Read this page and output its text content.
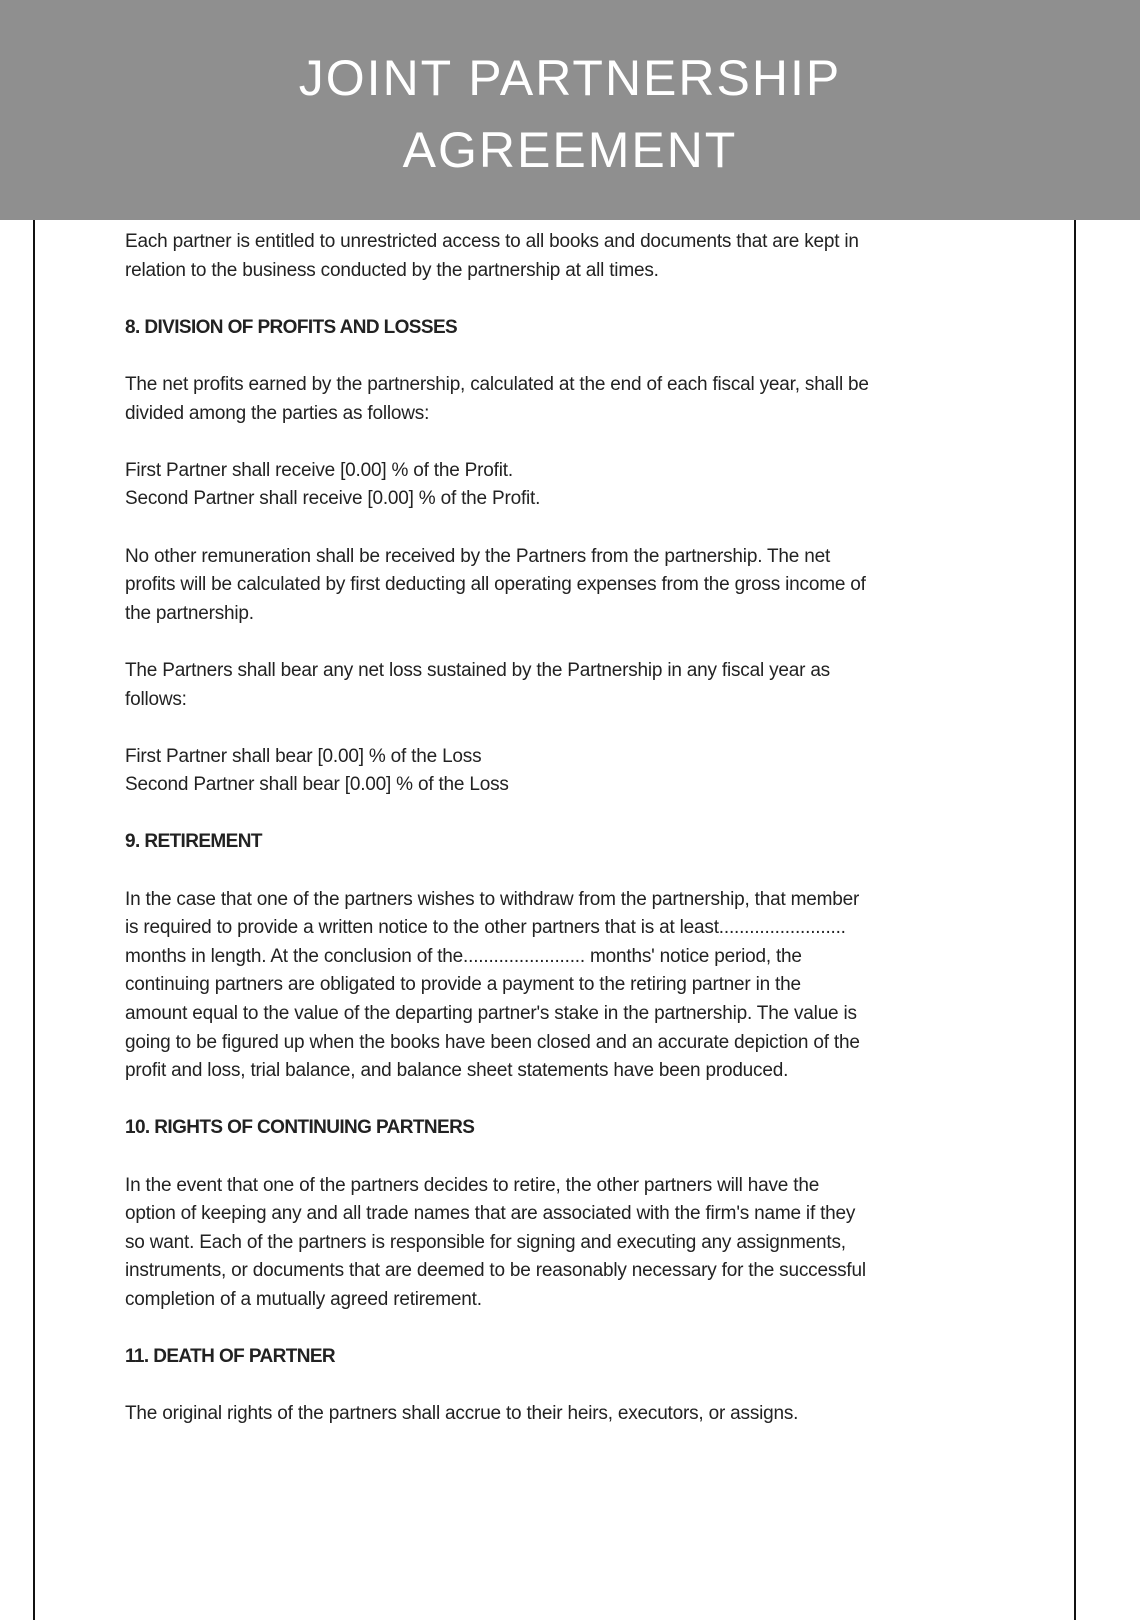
JOINT PARTNERSHIP
AGREEMENT
Each partner is entitled to unrestricted access to all books and documents that are kept in
relation to the business conducted by the partnership at all times.
8. DIVISION OF PROFITS AND LOSSES
The net profits earned by the partnership, calculated at the end of each fiscal year, shall be
divided among the parties as follows:
First Partner shall receive [0.00] % of the Profit.
Second Partner shall receive [0.00] % of the Profit.
No other remuneration shall be received by the Partners from the partnership. The net
profits will be calculated by first deducting all operating expenses from the gross income of
the partnership.
The Partners shall bear any net loss sustained by the Partnership in any fiscal year as
follows:
First Partner shall bear [0.00] % of the Loss
Second Partner shall bear [0.00] % of the Loss
9. RETIREMENT
In the case that one of the partners wishes to withdraw from the partnership, that member
is required to provide a written notice to the other partners that is at least.........................
months in length. At the conclusion of the........................ months' notice period, the
continuing partners are obligated to provide a payment to the retiring partner in the
amount equal to the value of the departing partner's stake in the partnership. The value is
going to be figured up when the books have been closed and an accurate depiction of the
profit and loss, trial balance, and balance sheet statements have been produced.
10. RIGHTS OF CONTINUING PARTNERS
In the event that one of the partners decides to retire, the other partners will have the
option of keeping any and all trade names that are associated with the firm's name if they
so want. Each of the partners is responsible for signing and executing any assignments,
instruments, or documents that are deemed to be reasonably necessary for the successful
completion of a mutually agreed retirement.
11. DEATH OF PARTNER
The original rights of the partners shall accrue to their heirs, executors, or assigns.
